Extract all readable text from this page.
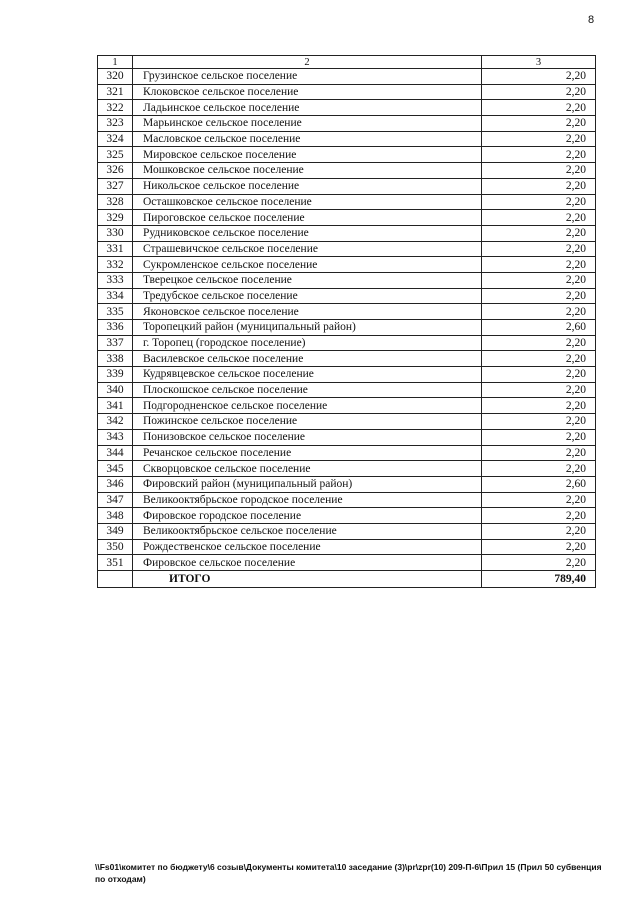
8
1	2	3
320	Грузинское сельское поселение	2,20
321	Клоковское сельское поселение	2,20
322	Ладьинское сельское поселение	2,20
323	Марьинское сельское поселение	2,20
324	Масловское сельское поселение	2,20
325	Мировское сельское поселение	2,20
326	Мошковское сельское поселение	2,20
327	Никольское сельское поселение	2,20
328	Осташковское сельское поселение	2,20
329	Пироговское сельское поселение	2,20
330	Рудниковское сельское поселение	2,20
331	Страшевичское сельское поселение	2,20
332	Сукромленское сельское поселение	2,20
333	Тверецкое сельское поселение	2,20
334	Тредубское сельское поселение	2,20
335	Яконовское сельское поселение	2,20
336	Торопецкий район (муниципальный район)	2,60
337	г. Торопец (городское поселение)	2,20
338	Василевское сельское поселение	2,20
339	Кудрявцевское сельское поселение	2,20
340	Плоскошское сельское поселение	2,20
341	Подгородненское сельское поселение	2,20
342	Пожинское сельское поселение	2,20
343	Понизовское сельское поселение	2,20
344	Речанское сельское поселение	2,20
345	Скворцовское сельское поселение	2,20
346	Фировский район (муниципальный район)	2,60
347	Великооктябрьское городское поселение	2,20
348	Фировское городское поселение	2,20
349	Великооктябрьское сельское поселение	2,20
350	Рождественское сельское поселение	2,20
351	Фировское сельское поселение	2,20
	ИТОГО	789,40
\\Fs01\комитет по бюджету\6 созыв\Документы комитета\10 заседание (3)\pr\zpr(10) 209-П-6\Прил 15 (Прил 50 субвенция по отходам)
